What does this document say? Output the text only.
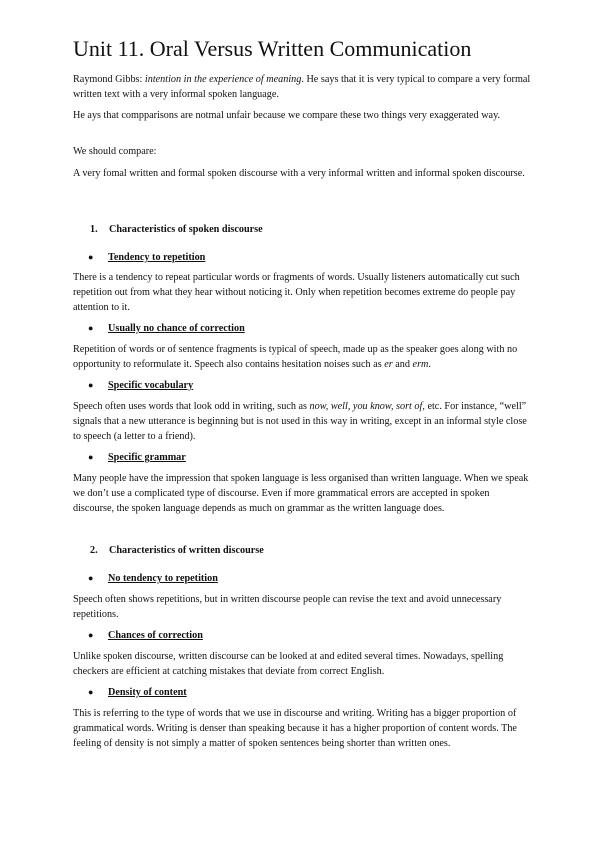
Unit 11. Oral Versus Written Communication

Raymond Gibbs: intention in the experience of meaning. He says that it is very typical to compare a very formal written text with a very informal spoken language.

He ays that compparisons are notmal unfair because we compare these two things very exaggerated way.

We should compare:

A very fomal written and formal spoken discourse with a very informal written and informal spoken discourse.

1. Characteristics of spoken discourse
● Tendency to repetition

There is a tendency to repeat particular words or fragments of words. Usually listeners automatically cut such repetition out from what they hear without noticing it. Only when repetition becomes extreme do people pay attention to it.

● Usually no chance of correction

Repetition of words or of sentence fragments is typical of speech, made up as the speaker goes along with no opportunity to reformulate it. Speech also contains hesitation noises such as er and erm.

● Specific vocabulary

Speech often uses words that look odd in writing, such as now, well, you know, sort of, etc. For instance, “well” signals that a new utterance is beginning but is not used in this way in writing, except in an informal style close to speech (a letter to a friend).

● Specific grammar

Many people have the impression that spoken language is less organised than written language. When we speak we don’t use a complicated type of discourse. Even if more grammatical errors are accepted in spoken discourse, the spoken language depends as much on grammar as the written language does.

2. Characteristics of written discourse
● No tendency to repetition

Speech often shows repetitions, but in written discourse people can revise the text and avoid unnecessary repetitions.

● Chances of correction

Unlike spoken discourse, written discourse can be looked at and edited several times. Nowadays, spelling checkers are efficient at catching mistakes that deviate from correct English.

● Density of content

This is referring to the type of words that we use in discourse and writing. Writing has a bigger proportion of grammatical words. Writing is denser than speaking because it has a higher proportion of content words. The feeling of density is not simply a matter of spoken sentences being shorter than written ones.
